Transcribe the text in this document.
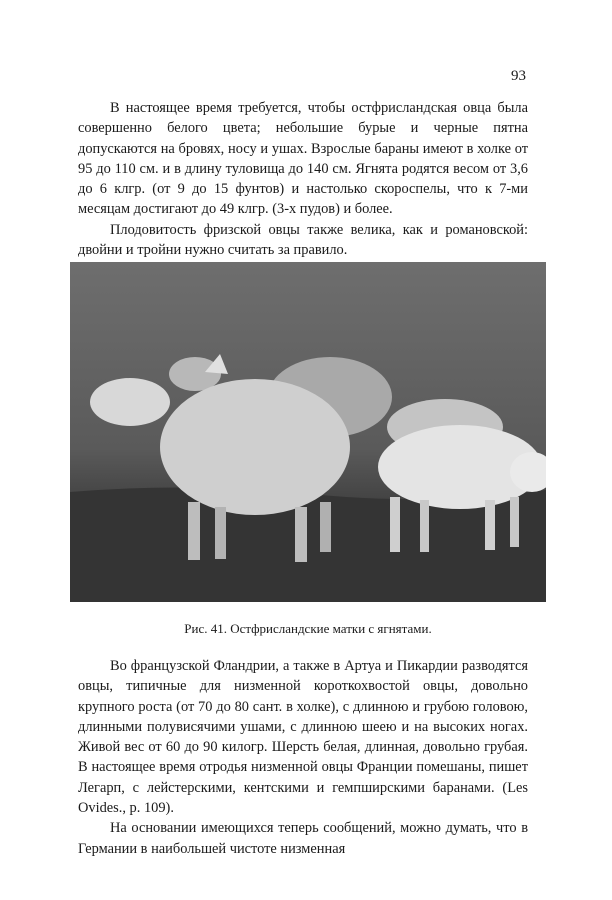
93

В настоящее время требуется, чтобы остфрисландская овца была совершенно белого цвета; небольшие бурые и черные пятна допускаются на бровях, носу и ушах. Взрослые бараны имеют в холке от 95 до 110 см. и в длину туловища до 140 см. Ягнята родятся весом от 3,6 до 6 клгр. (от 9 до 15 фунтов) и настолько скороспелы, что к 7-ми месяцам достигают до 49 клгр. (3-х пудов) и более.

Плодовитость фризской овцы также велика, как и романовской: двойни и тройни нужно считать за правило.

Рис. 41. Остфрисландские матки с ягнятами.

Во французской Фландрии, а также в Артуа и Пикардии разводятся овцы, типичные для низменной короткохвостой овцы, довольно крупного роста (от 70 до 80 сант. в холке), с длинною и грубою головою, длинными полувисячими ушами, с длинною шеею и на высоких ногах. Живой вес от 60 до 90 килогр. Шерсть белая, длинная, довольно грубая. В настоящее время отродья низменной овцы Франции помешаны, пишет Легарп, с лейстерскими, кентскими и гемпширскими баранами. (Les Ovides., p. 109).

На основании имеющихся теперь сообщений, можно думать, что в Германии в наибольшей чистоте низменная
